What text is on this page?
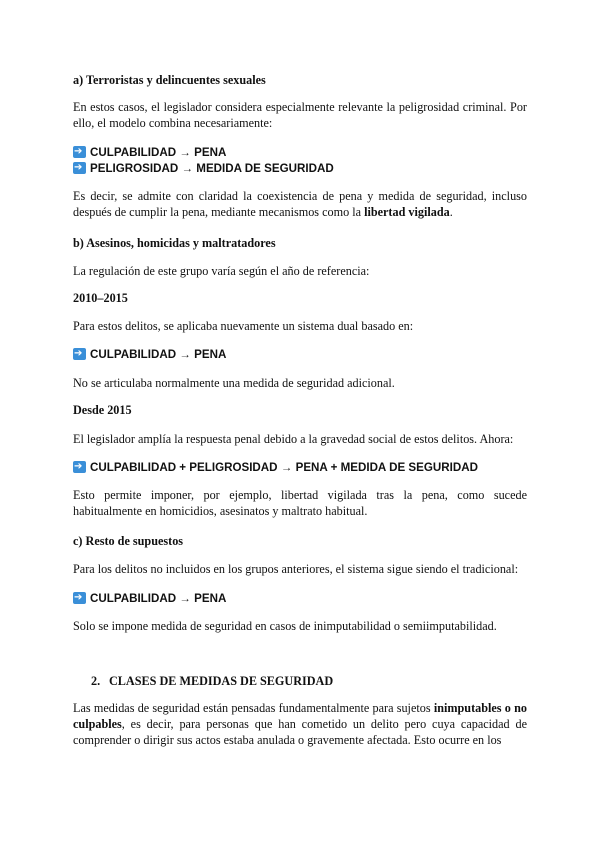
a) Terroristas y delincuentes sexuales
En estos casos, el legislador considera especialmente relevante la peligrosidad criminal. Por ello, el modelo combina necesariamente:
➔CULPABILIDAD → PENA
➔PELIGROSIDAD → MEDIDA DE SEGURIDAD
Es decir, se admite con claridad la coexistencia de pena y medida de seguridad, incluso después de cumplir la pena, mediante mecanismos como la libertad vigilada.
b) Asesinos, homicidas y maltratadores
La regulación de este grupo varía según el año de referencia:
2010–2015
Para estos delitos, se aplicaba nuevamente un sistema dual basado en:
➔CULPABILIDAD → PENA
No se articulaba normalmente una medida de seguridad adicional.
Desde 2015
El legislador amplía la respuesta penal debido a la gravedad social de estos delitos. Ahora:
➔CULPABILIDAD + PELIGROSIDAD → PENA + MEDIDA DE SEGURIDAD
Esto permite imponer, por ejemplo, libertad vigilada tras la pena, como sucede habitualmente en homicidios, asesinatos y maltrato habitual.
c) Resto de supuestos
Para los delitos no incluidos en los grupos anteriores, el sistema sigue siendo el tradicional:
➔CULPABILIDAD → PENA
Solo se impone medida de seguridad en casos de inimputabilidad o semiimputabilidad.
2. CLASES DE MEDIDAS DE SEGURIDAD
Las medidas de seguridad están pensadas fundamentalmente para sujetos inimputables o no culpables, es decir, para personas que han cometido un delito pero cuya capacidad de comprender o dirigir sus actos estaba anulada o gravemente afectada. Esto ocurre en los
